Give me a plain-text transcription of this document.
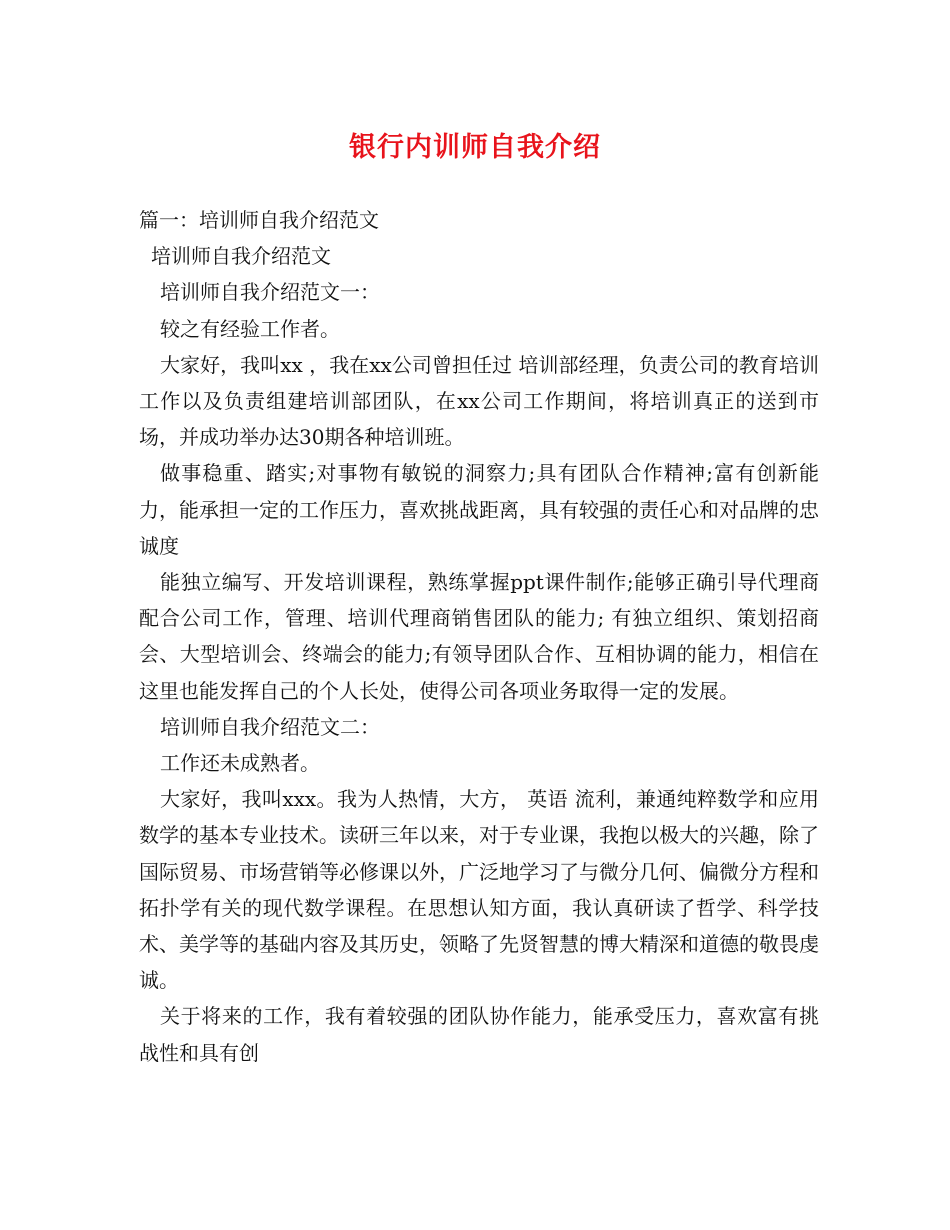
银行内训师自我介绍

篇一：培训师自我介绍范文

培训师自我介绍范文

培训师自我介绍范文一：

较之有经验工作者。

大家好，我叫xx ，我在xx公司曾担任过 培训部经理，负责公司的教育培训工作以及负责组建培训部团队，在xx公司工作期间，将培训真正的送到市场，并成功举办达30期各种培训班。

做事稳重、踏实;对事物有敏锐的洞察力;具有团队合作精神;富有创新能力，能承担一定的工作压力，喜欢挑战距离，具有较强的责任心和对品牌的忠诚度

能独立编写、开发培训课程，熟练掌握ppt课件制作;能够正确引导代理商配合公司工作，管理、培训代理商销售团队的能力; 有独立组织、策划招商会、大型培训会、终端会的能力;有领导团队合作、互相协调的能力，相信在这里也能发挥自己的个人长处，使得公司各项业务取得一定的发展。

培训师自我介绍范文二：

工作还未成熟者。

大家好，我叫xxx。我为人热情，大方， 英语 流利，兼通纯粹数学和应用数学的基本专业技术。读研三年以来，对于专业课，我抱以极大的兴趣，除了国际贸易、市场营销等必修课以外，广泛地学习了与微分几何、偏微分方程和拓扑学有关的现代数学课程。在思想认知方面，我认真研读了哲学、科学技术、美学等的基础内容及其历史，领略了先贤智慧的博大精深和道德的敬畏虔诚。

关于将来的工作，我有着较强的团队协作能力，能承受压力，喜欢富有挑战性和具有创
